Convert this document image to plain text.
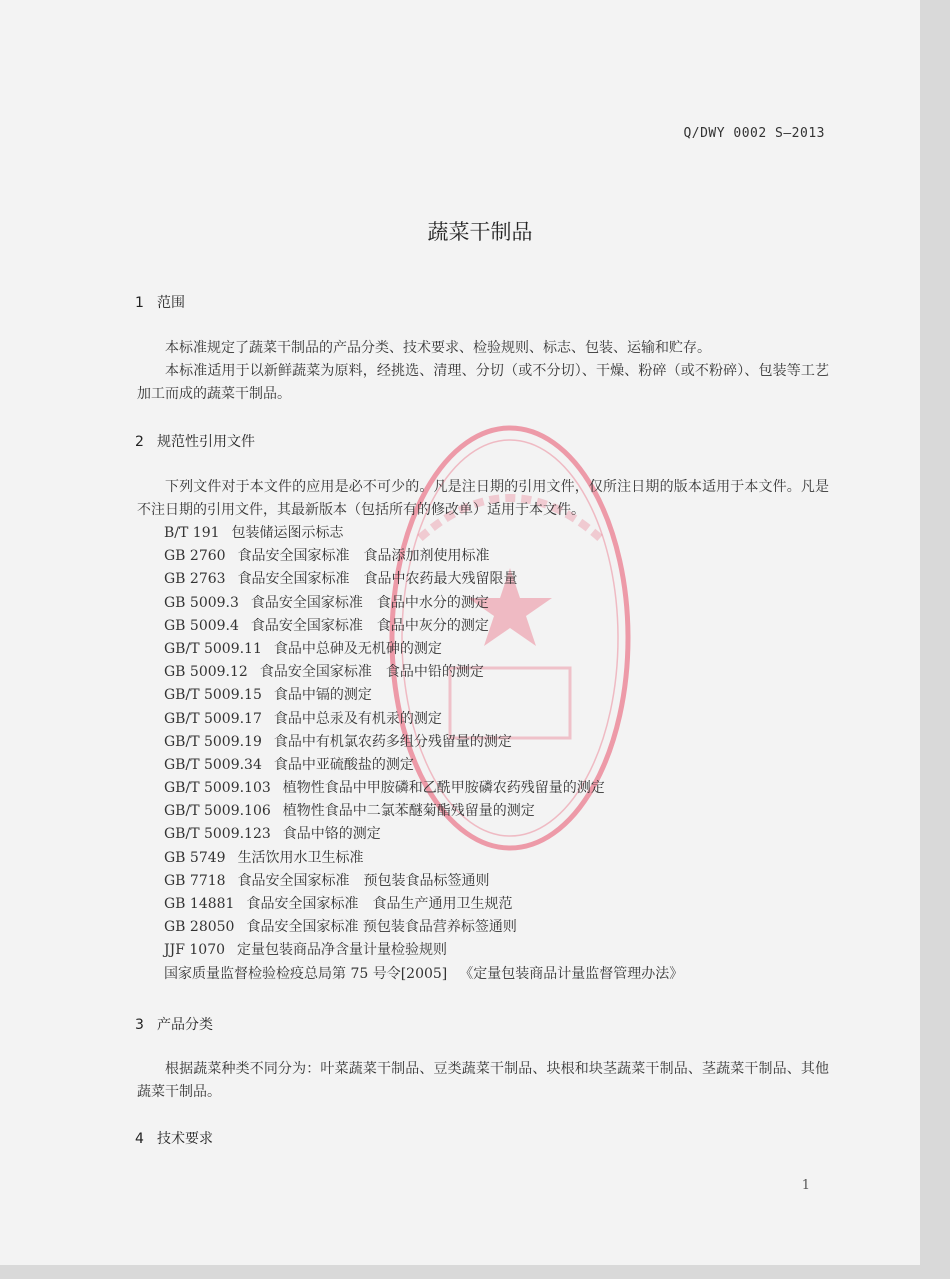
Q/DWY 0002 S—2013
蔬菜干制品
1 范围

本标准规定了蔬菜干制品的产品分类、技术要求、检验规则、标志、包装、运输和贮存。

本标准适用于以新鲜蔬菜为原料，经挑选、清理、分切（或不分切）、干燥、粉碎（或不粉碎）、包装等工艺加工而成的蔬菜干制品。

2 规范性引用文件

下列文件对于本文件的应用是必不可少的。凡是注日期的引用文件，仅所注日期的版本适用于本文件。凡是不注日期的引用文件，其最新版本（包括所有的修改单）适用于本文件。

B/T 191 包装储运图示标志
GB 2760 食品安全国家标准　食品添加剂使用标准
GB 2763 食品安全国家标准　食品中农药最大残留限量
GB 5009.3 食品安全国家标准　食品中水分的测定
GB 5009.4 食品安全国家标准　食品中灰分的测定
GB/T 5009.11 食品中总砷及无机砷的测定
GB 5009.12 食品安全国家标准　食品中铅的测定
GB/T 5009.15 食品中镉的测定
GB/T 5009.17 食品中总汞及有机汞的测定
GB/T 5009.19 食品中有机氯农药多组分残留量的测定
GB/T 5009.34 食品中亚硫酸盐的测定
GB/T 5009.103 植物性食品中甲胺磷和乙酰甲胺磷农药残留量的测定
GB/T 5009.106 植物性食品中二氯苯醚菊酯残留量的测定
GB/T 5009.123 食品中铬的测定
GB 5749 生活饮用水卫生标准
GB 7718 食品安全国家标准　预包装食品标签通则
GB 14881 食品安全国家标准　食品生产通用卫生规范
GB 28050 食品安全国家标准 预包装食品营养标签通则
JJF 1070 定量包装商品净含量计量检验规则
国家质量监督检验检疫总局第 75 号令[2005] 《定量包装商品计量监督管理办法》
3 产品分类

根据蔬菜种类不同分为：叶菜蔬菜干制品、豆类蔬菜干制品、块根和块茎蔬菜干制品、茎蔬菜干制品、其他蔬菜干制品。

4 技术要求
1
